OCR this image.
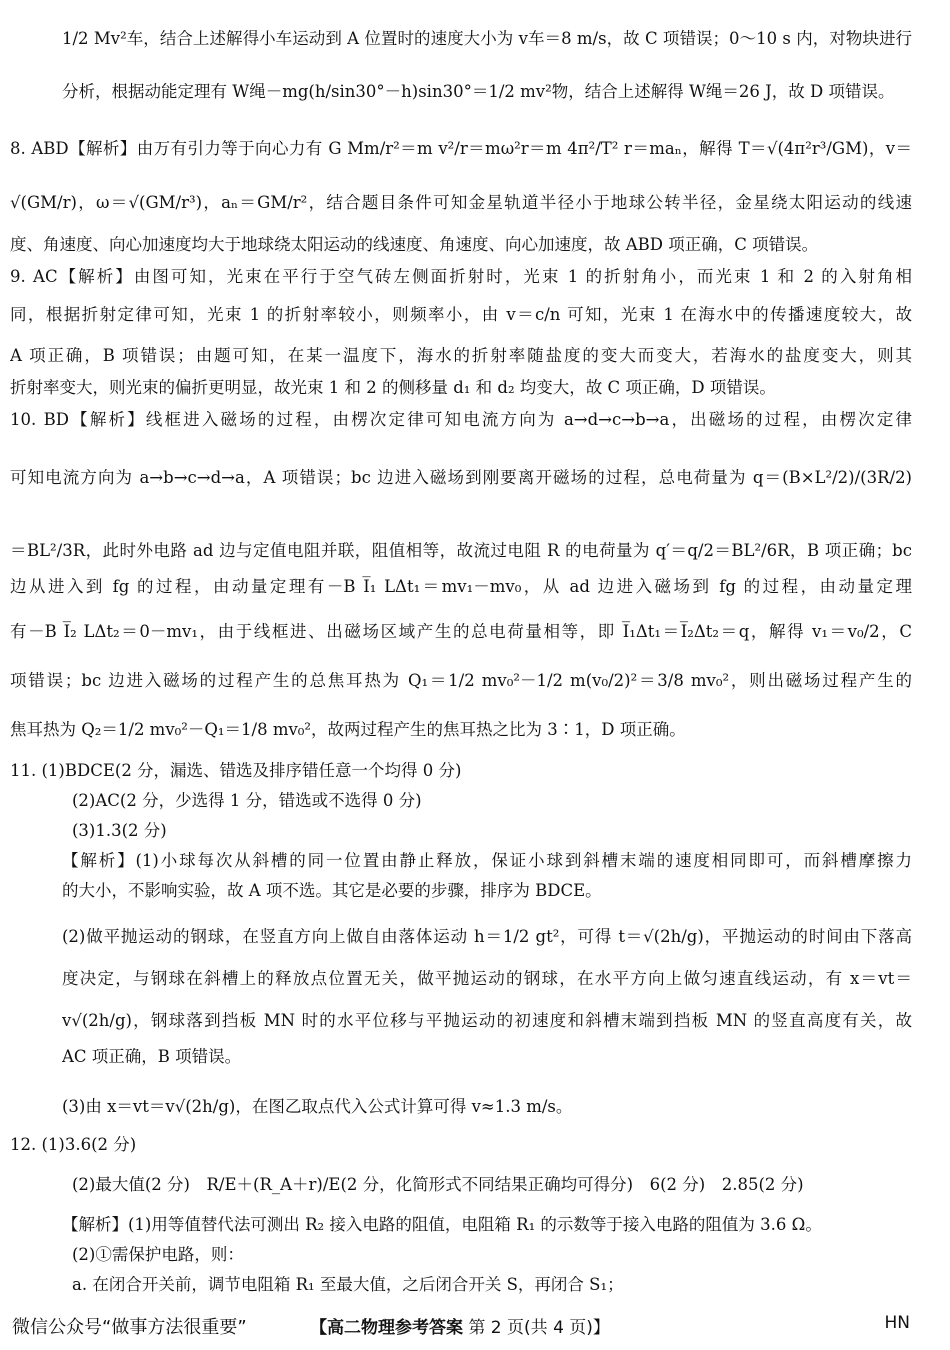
1/2 Mv²车，结合上述解得小车运动到 A 位置时的速度大小为 v车＝8 m/s，故 C 项错误；0～10 s 内，对物块进行
分析，根据动能定理有 W绳－mg(h/sin30°－h)sin30°＝1/2 mv²物，结合上述解得 W绳＝26 J，故 D 项错误。
8. ABD【解析】由万有引力等于向心力有 G Mm/r²＝m v²/r＝mω²r＝m 4π²/T² r＝maₙ，解得 T＝√(4π²r³/GM)，v＝
√(GM/r)，ω＝√(GM/r³)，aₙ＝GM/r²，结合题目条件可知金星轨道半径小于地球公转半径，金星绕太阳运动的线速
度、角速度、向心加速度均大于地球绕太阳运动的线速度、角速度、向心加速度，故 ABD 项正确，C 项错误。
9. AC【解析】由图可知，光束在平行于空气砖左侧面折射时，光束 1 的折射角小，而光束 1 和 2 的入射角相
同，根据折射定律可知，光束 1 的折射率较小，则频率小，由 v＝c/n 可知，光束 1 在海水中的传播速度较大，故
A 项正确，B 项错误；由题可知，在某一温度下，海水的折射率随盐度的变大而变大，若海水的盐度变大，则其
折射率变大，则光束的偏折更明显，故光束 1 和 2 的侧移量 d₁ 和 d₂ 均变大，故 C 项正确，D 项错误。
10. BD【解析】线框进入磁场的过程，由楞次定律可知电流方向为 a→d→c→b→a，出磁场的过程，由楞次定律
可知电流方向为 a→b→c→d→a，A 项错误；bc 边进入磁场到刚要离开磁场的过程，总电荷量为 q＝(B×L²/2)/(3R/2)
＝BL²/3R，此时外电路 ad 边与定值电阻并联，阻值相等，故流过电阻 R 的电荷量为 q′＝q/2＝BL²/6R，B 项正确；bc
边从进入到 fg 的过程，由动量定理有－B I̅₁ LΔt₁＝mv₁－mv₀，从 ad 边进入磁场到 fg 的过程，由动量定理
有－B I̅₂ LΔt₂＝0－mv₁，由于线框进、出磁场区域产生的总电荷量相等，即 I̅₁Δt₁＝I̅₂Δt₂＝q，解得 v₁＝v₀/2，C
项错误；bc 边进入磁场的过程产生的总焦耳热为 Q₁＝1/2 mv₀²－1/2 m(v₀/2)²＝3/8 mv₀²，则出磁场过程产生的
焦耳热为 Q₂＝1/2 mv₀²－Q₁＝1/8 mv₀²，故两过程产生的焦耳热之比为 3∶1，D 项正确。
11. (1)BDCE(2 分，漏选、错选及排序错任意一个均得 0 分)
(2)AC(2 分，少选得 1 分，错选或不选得 0 分)
(3)1.3(2 分)
【解析】(1)小球每次从斜槽的同一位置由静止释放，保证小球到斜槽末端的速度相同即可，而斜槽摩擦力
的大小，不影响实验，故 A 项不选。其它是必要的步骤，排序为 BDCE。
(2)做平抛运动的钢球，在竖直方向上做自由落体运动 h＝1/2 gt²，可得 t＝√(2h/g)，平抛运动的时间由下落高
度决定，与钢球在斜槽上的释放点位置无关，做平抛运动的钢球，在水平方向上做匀速直线运动，有 x＝vt＝
v√(2h/g)，钢球落到挡板 MN 时的水平位移与平抛运动的初速度和斜槽末端到挡板 MN 的竖直高度有关，故
AC 项正确，B 项错误。
(3)由 x＝vt＝v√(2h/g)，在图乙取点代入公式计算可得 v≈1.3 m/s。
12. (1)3.6(2 分)
(2)最大值(2 分)　R/E＋(R_A＋r)/E(2 分，化简形式不同结果正确均可得分)　6(2 分)　2.85(2 分)
【解析】(1)用等值替代法可测出 R₂ 接入电路的阻值，电阻箱 R₁ 的示数等于接入电路的阻值为 3.6 Ω。
(2)①需保护电路，则：
a. 在闭合开关前，调节电阻箱 R₁ 至最大值，之后闭合开关 S，再闭合 S₁；
微信公众号“做事方法很重要”	【高二物理参考答案 第 2 页(共 4 页)】	HN
